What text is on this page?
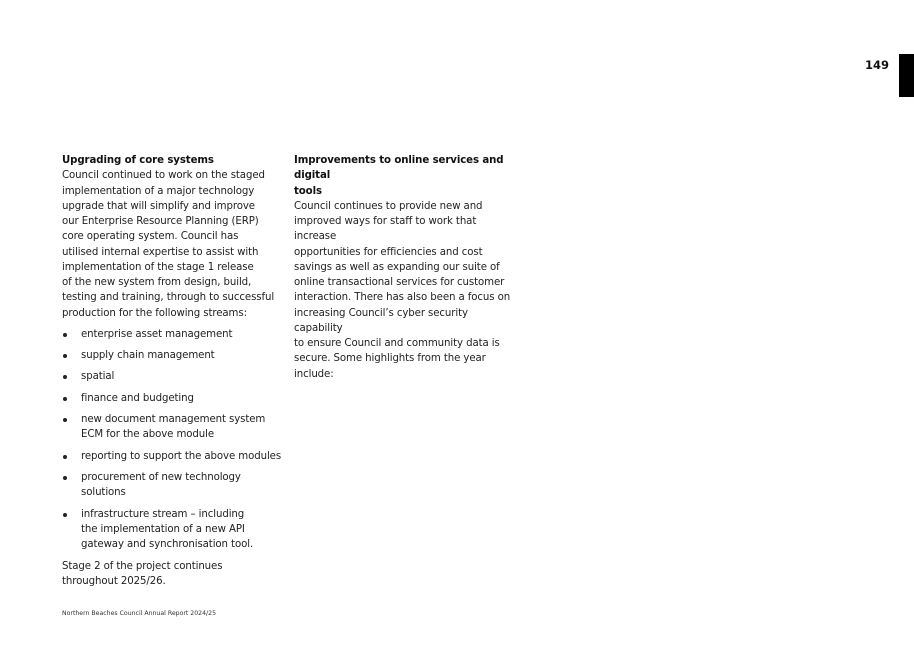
149
Upgrading of core systems

Council continued to work on the staged
implementation of a major technology
upgrade that will simplify and improve
our Enterprise Resource Planning (ERP)
core operating system. Council has
utilised internal expertise to assist with
implementation of the stage 1 release
of the new system from design, build,
testing and training, through to successful
production for the following streams:

enterprise asset management
supply chain management
spatial
finance and budgeting
new document management system
ECM for the above module
reporting to support the above modules
procurement of new technology solutions
infrastructure stream – including
the implementation of a new API
gateway and synchronisation tool.

Stage 2 of the project continues
throughout 2025/26.

Improvements to online services and digital
tools

Council continues to provide new and
improved ways for staff to work that increase
opportunities for efficiencies and cost
savings as well as expanding our suite of
online transactional services for customer
interaction. There has also been a focus on
increasing Council’s cyber security capability
to ensure Council and community data is
secure. Some highlights from the year include:

Northern Beaches Council Annual Report 2024/25
